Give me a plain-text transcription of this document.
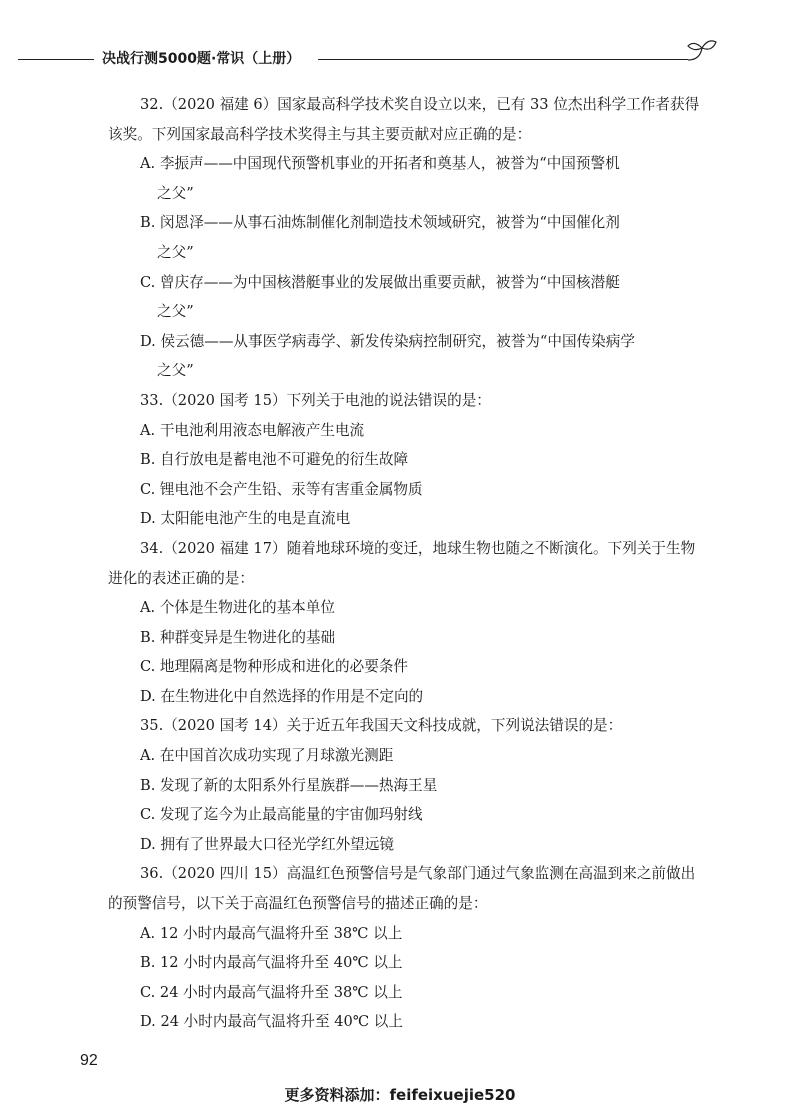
决战行测5000题·常识（上册）

32.（2020 福建 6）国家最高科学技术奖自设立以来，已有 33 位杰出科学工作者获得该奖。下列国家最高科学技术奖得主与其主要贡献对应正确的是：

A. 李振声——中国现代预警机事业的开拓者和奠基人，被誉为“中国预警机
之父”

B. 闵恩泽——从事石油炼制催化剂制造技术领域研究，被誉为“中国催化剂
之父”

C. 曾庆存——为中国核潜艇事业的发展做出重要贡献，被誉为“中国核潜艇
之父”

D. 侯云德——从事医学病毒学、新发传染病控制研究，被誉为“中国传染病学
之父”

33.（2020 国考 15）下列关于电池的说法错误的是：

A. 干电池利用液态电解液产生电流

B. 自行放电是蓄电池不可避免的衍生故障

C. 锂电池不会产生铅、汞等有害重金属物质

D. 太阳能电池产生的电是直流电

34.（2020 福建 17）随着地球环境的变迁，地球生物也随之不断演化。下列关于生物进化的表述正确的是：

A. 个体是生物进化的基本单位

B. 种群变异是生物进化的基础

C. 地理隔离是物种形成和进化的必要条件

D. 在生物进化中自然选择的作用是不定向的

35.（2020 国考 14）关于近五年我国天文科技成就，下列说法错误的是：

A. 在中国首次成功实现了月球激光测距

B. 发现了新的太阳系外行星族群——热海王星

C. 发现了迄今为止最高能量的宇宙伽玛射线

D. 拥有了世界最大口径光学红外望远镜

36.（2020 四川 15）高温红色预警信号是气象部门通过气象监测在高温到来之前做出的预警信号，以下关于高温红色预警信号的描述正确的是：

A. 12 小时内最高气温将升至 38℃ 以上

B. 12 小时内最高气温将升至 40℃ 以上

C. 24 小时内最高气温将升至 38℃ 以上

D. 24 小时内最高气温将升至 40℃ 以上

92
更多资料添加：feifeixuejie520
